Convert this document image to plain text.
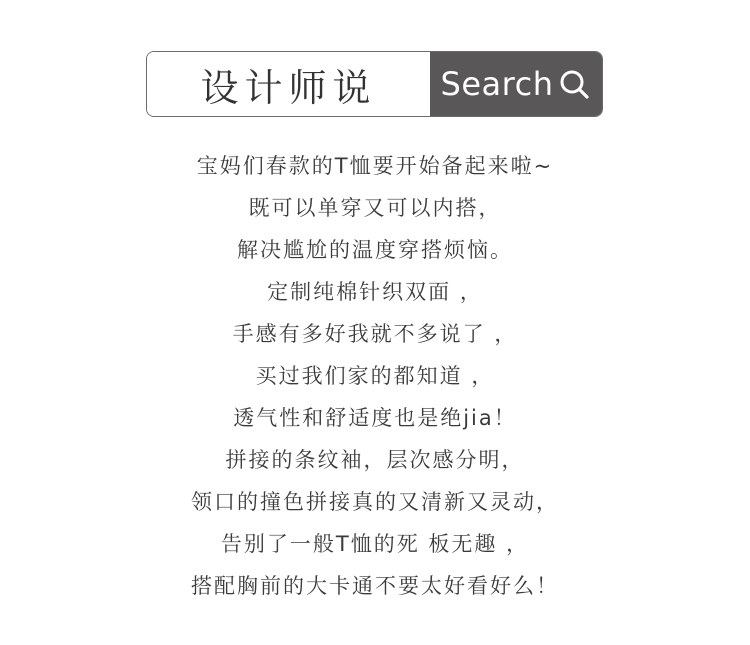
设计师说 Search
宝妈们春款的T恤要开始备起来啦~
既可以单穿又可以内搭，
解决尴尬的温度穿搭烦恼。
定制纯棉针织双面 ，
手感有多好我就不多说了 ，
买过我们家的都知道 ，
透气性和舒适度也是绝jia！
拼接的条纹袖，层次感分明，
领口的撞色拼接真的又清新又灵动，
告别了一般T恤的死 板无趣 ，
搭配胸前的大卡通不要太好看好么！
